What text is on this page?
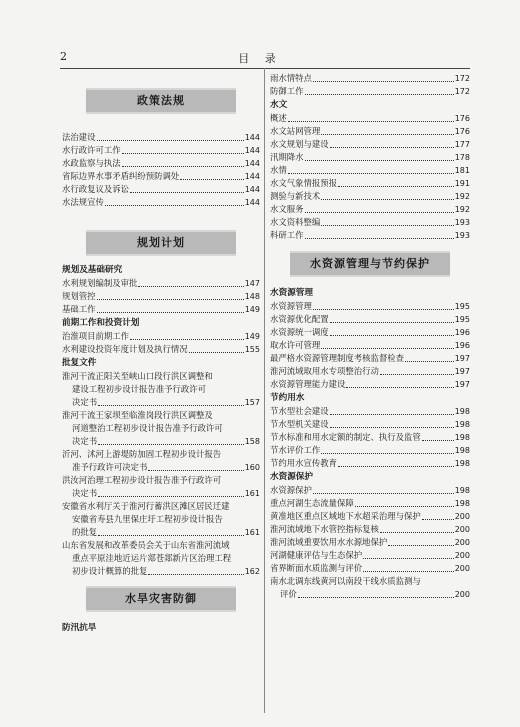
2	目 录
政策法规
法治建设	144
水行政许可工作	144
水政监察与执法	144
省际边界水事矛盾纠纷预防调处	144
水行政复议及诉讼	144
水法规宣传	144
规划计划
规划及基础研究
水利规划编制及审批	147
规划管控	148
基础工作	149
前期工作和投资计划
治淮项目前期工作	149
水利建设投资年度计划及执行情况	155
批复文件
淮河干流正阳关至峡山口段行洪区调整和
建设工程初步设计报告准予行政许可
决定书	157
淮河干流王家坝至临淮岗段行洪区调整及
河道整治工程初步设计报告准予行政许可
决定书	158
沂河、沭河上游堤防加固工程初步设计报告
准予行政许可决定书	160
洪汝河治理工程初步设计报告准予行政许可
决定书	161
安徽省水利厅关于淮河行蓄洪区滩区居民迁建
安徽省寿县九里保庄圩工程初步设计报告
的批复	161
山东省发展和改革委员会关于山东省淮河流域
重点平原洼地近运片郯苍郯新片区治理工程
初步设计概算的批复	162
水旱灾害防御
防汛抗旱
雨水情特点	172
防御工作	172
水文
概述	176
水文站网管理	176
水文规划与建设	177
汛期降水	178
水情	181
水文气象情报预报	191
测验与新技术	192
水文服务	192
水文资料整编	193
科研工作	193
水资源管理与节约保护
水资源管理
水资源管理	195
水资源优化配置	195
水资源统一调度	196
取水许可管理	196
最严格水资源管理制度考核监督检查	197
淮河流域取用水专项整治行动	197
水资源管理能力建设	197
节约用水
节水型社会建设	198
节水型机关建设	198
节水标准和用水定额的制定、执行及监管	198
节水评价工作	198
节约用水宣传教育	198
水资源保护
水资源保护	198
重点河湖生态流量保障	198
黄准地区重点区域地下水超采治理与保护	200
淮河流域地下水管控指标复核	200
淮河流域重要饮用水水源地保护	200
河湖健康评估与生态保护	200
省界断面水质监测与评价	200
南水北调东线黄河以南段干线水质监测与
评价	200
